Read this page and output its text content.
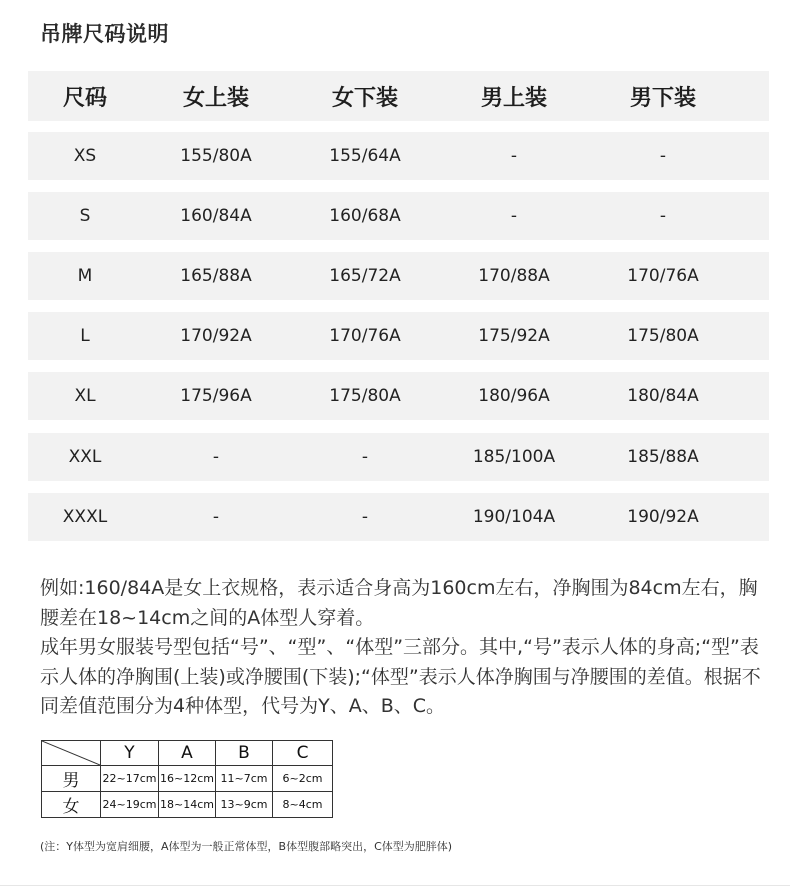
吊牌尺码说明
尺码	女上装	女下装	男上装	男下装
XS	155/80A	155/64A	-	-
S	160/84A	160/68A	-	-
M	165/88A	165/72A	170/88A	170/76A
L	170/92A	170/76A	175/92A	175/80A
XL	175/96A	175/80A	180/96A	180/84A
XXL	-	-	185/100A	185/88A
XXXL	-	-	190/104A	190/92A

例如:160/84A是女上衣规格，表示适合身高为160cm左右，净胸围为84cm左右，胸腰差在18~14cm之间的A体型人穿着。

成年男女服装号型包括“号”、“型”、“体型”三部分。其中,“号”表示人体的身高;“型”表示人体的净胸围(上装)或净腰围(下装);“体型”表示人体净胸围与净腰围的差值。根据不同差值范围分为4种体型，代号为Y、A、B、C。

	Y	A	B	C
男	22~17cm	16~12cm	11~7cm	6~2cm
女	24~19cm	18~14cm	13~9cm	8~4cm
(注：Y体型为宽肩细腰，A体型为一般正常体型，B体型腹部略突出，C体型为肥胖体)
